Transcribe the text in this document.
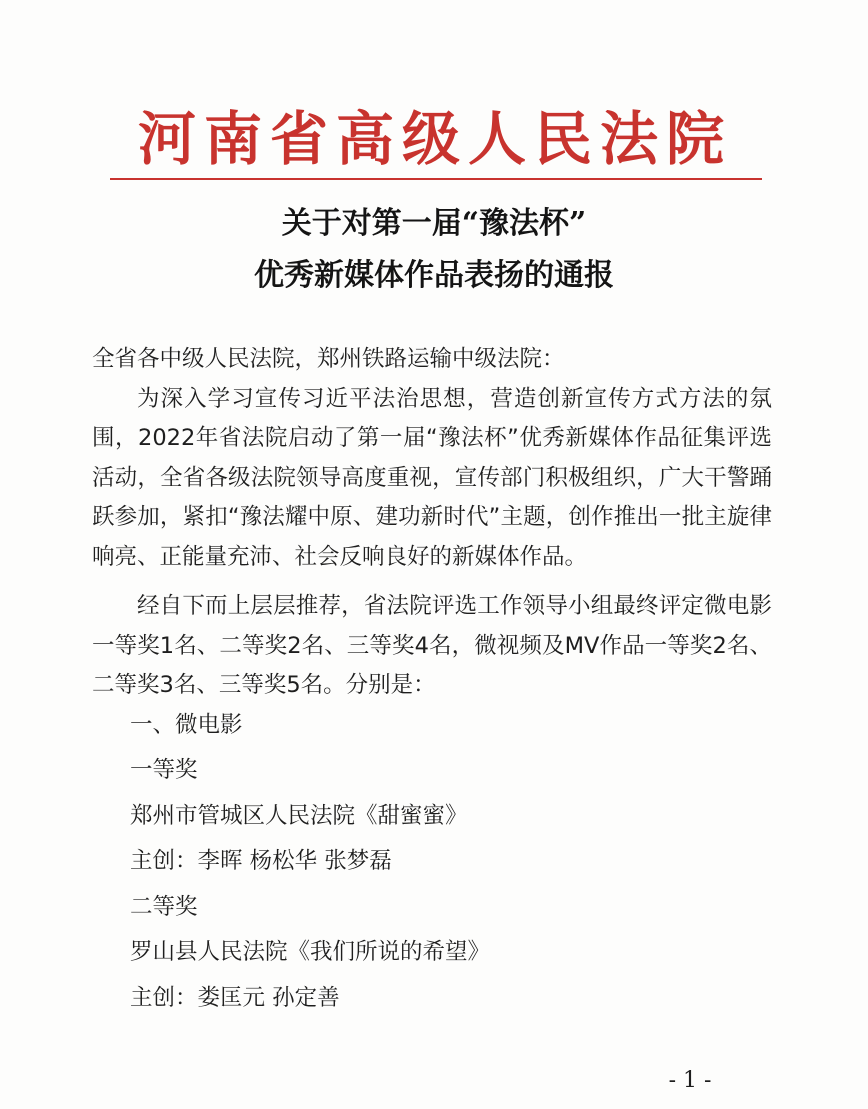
河南省高级人民法院
关于对第一届“豫法杯”
优秀新媒体作品表扬的通报

全省各中级人民法院，郑州铁路运输中级法院：

为深入学习宣传习近平法治思想，营造创新宣传方式方法的氛围，2022年省法院启动了第一届“豫法杯”优秀新媒体作品征集评选活动，全省各级法院领导高度重视，宣传部门积极组织，广大干警踊跃参加，紧扣“豫法耀中原、建功新时代”主题，创作推出一批主旋律响亮、正能量充沛、社会反响良好的新媒体作品。

经自下而上层层推荐，省法院评选工作领导小组最终评定微电影一等奖1名、二等奖2名、三等奖4名，微视频及MV作品一等奖2名、二等奖3名、三等奖5名。分别是：

一、微电影

一等奖

郑州市管城区人民法院《甜蜜蜜》

主创：李晖 杨松华 张梦磊

二等奖

罗山县人民法院《我们所说的希望》

主创：娄匡元 孙定善

- 1 -
